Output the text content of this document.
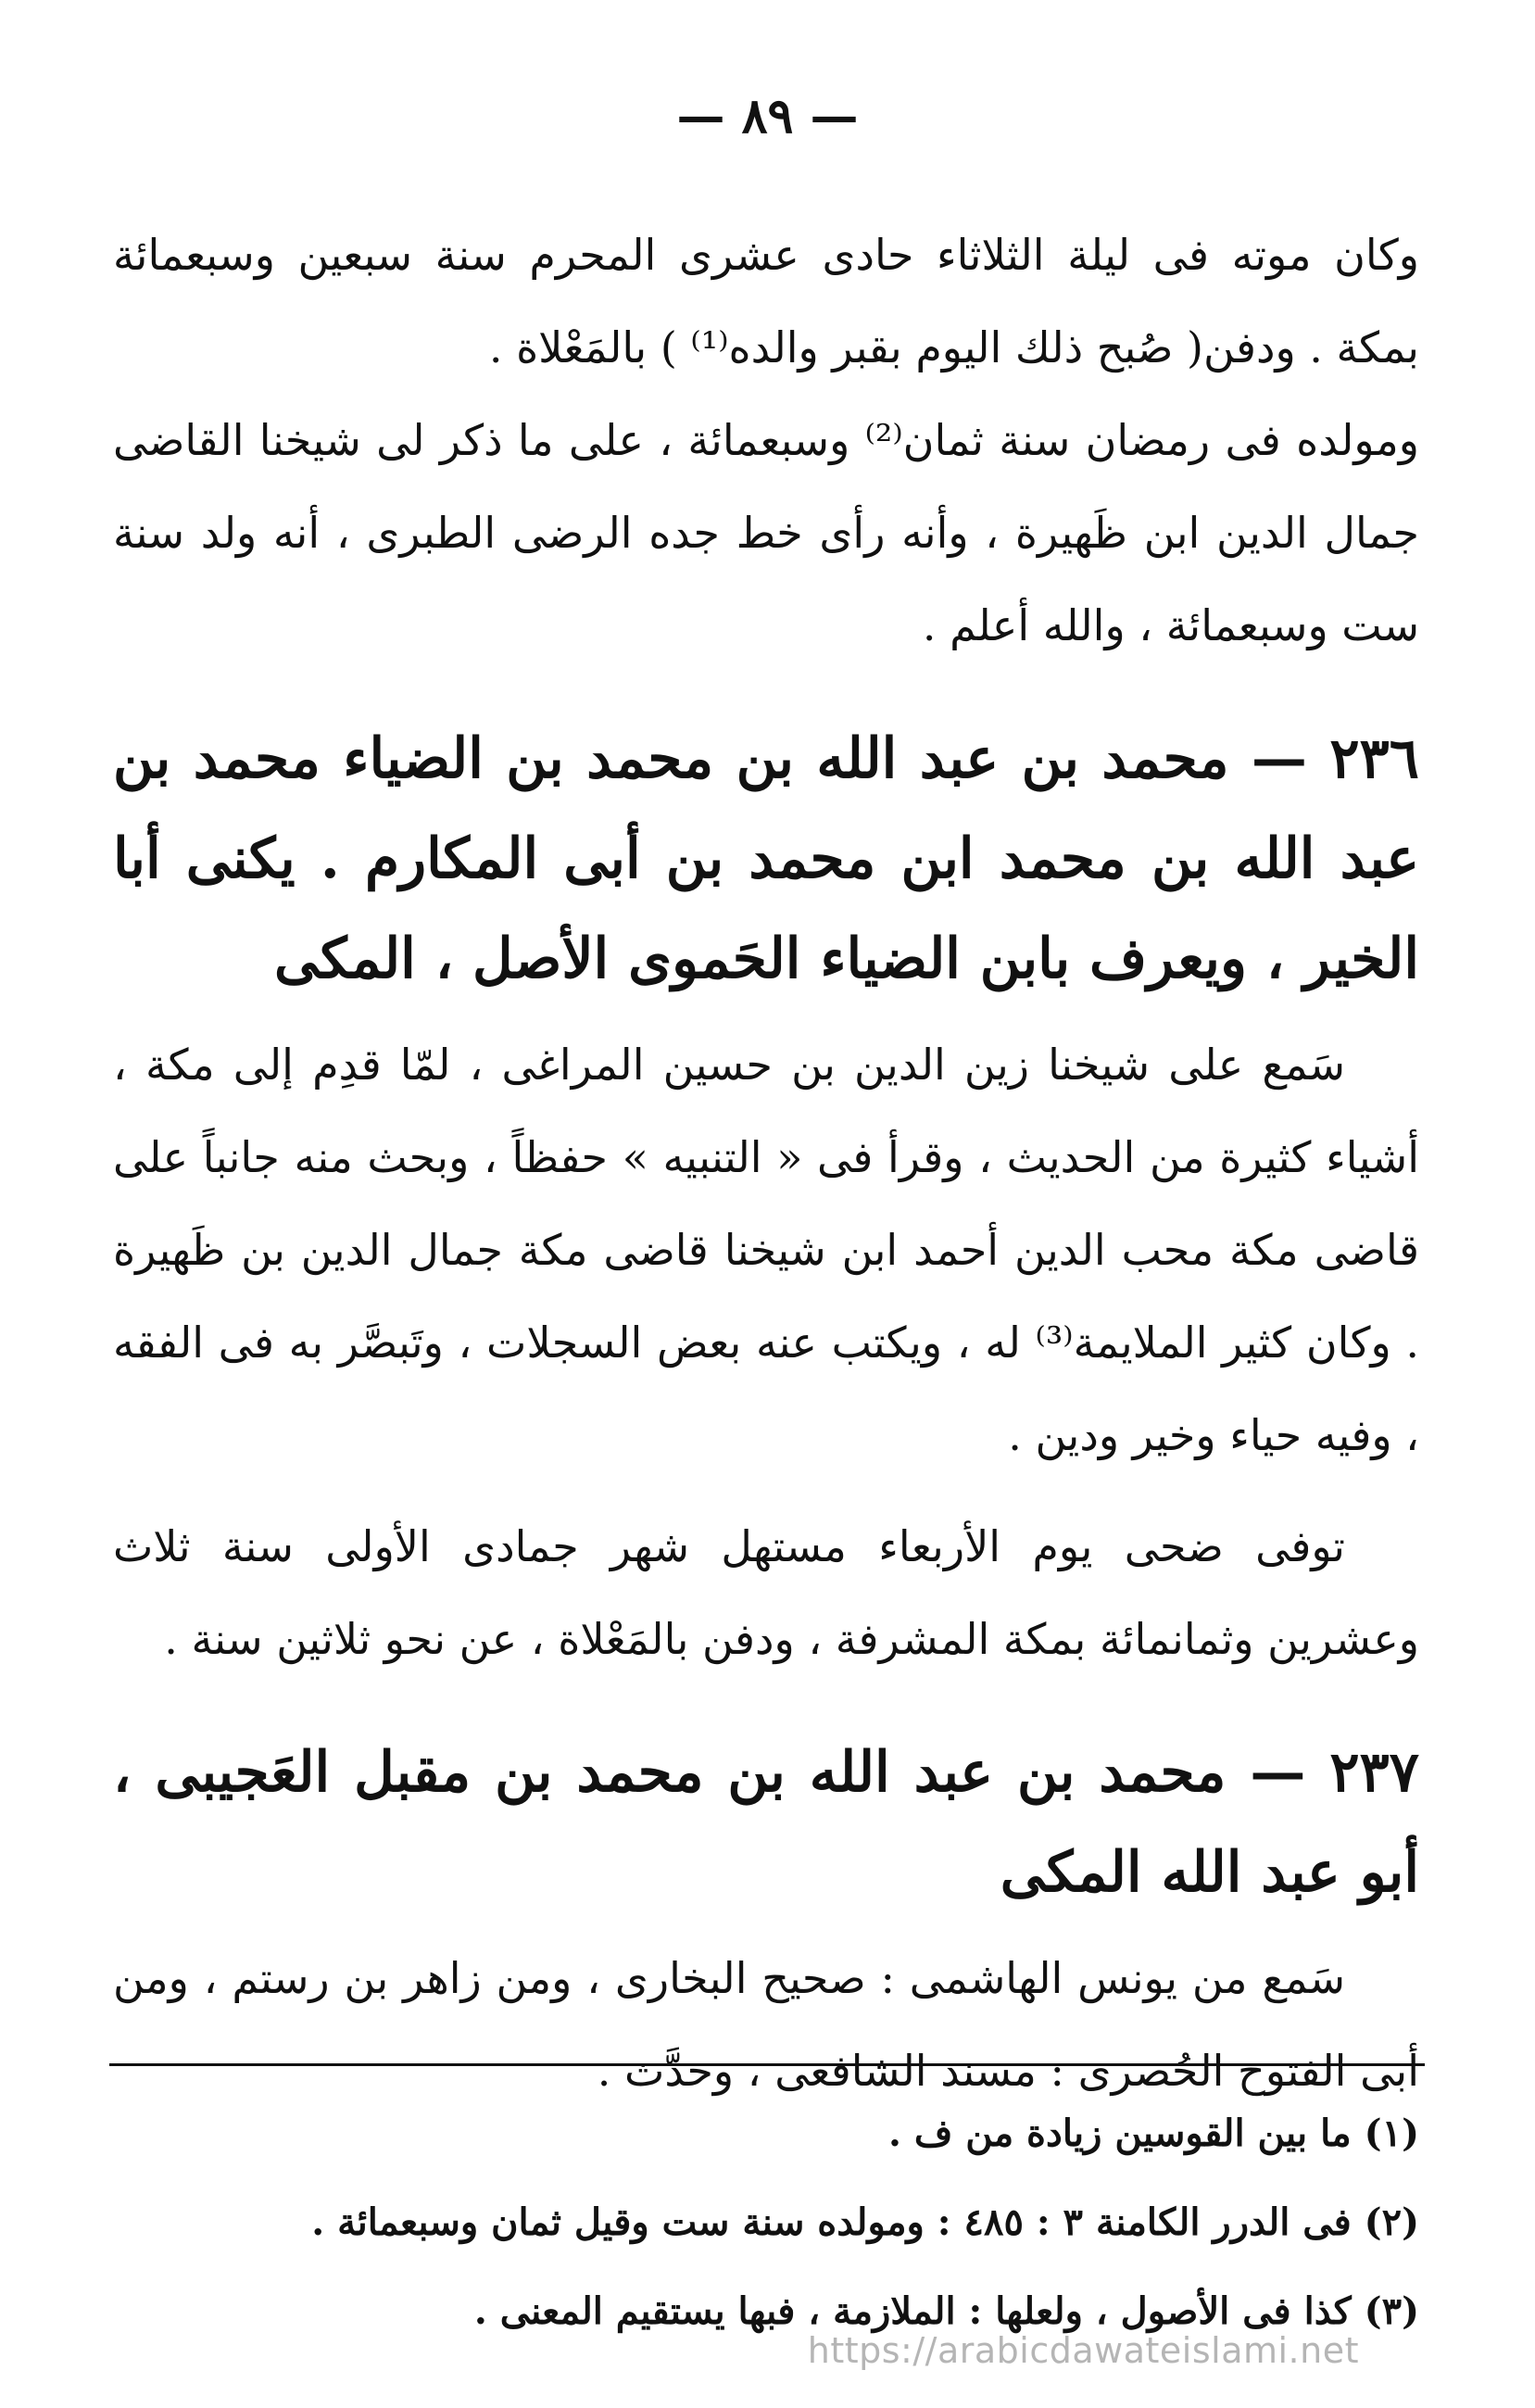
— ٨٩ —

وكان موته فى ليلة الثلاثاء حادى عشرى المحرم سنة سبعين وسبعمائة بمكة . ودفن( صُبح ذلك اليوم بقبر والده⁽¹⁾ ) بالمَعْلاة .

ومولده فى رمضان سنة ثمان⁽²⁾ وسبعمائة ، على ما ذكر لى شيخنا القاضى جمال الدين ابن ظَهيرة ، وأنه رأى خط جده الرضى الطبرى ، أنه ولد سنة ست وسبعمائة ، والله أعلم .

٢٣٦ — محمد بن عبد الله بن محمد بن الضياء محمد بن عبد الله بن محمد ابن محمد بن أبى المكارم . يكنى أبا الخير ، ويعرف بابن الضياء الحَموى الأصل ، المكى

سَمع على شيخنا زين الدين بن حسين المراغى ، لمّا قدِم إلى مكة ، أشياء كثيرة من الحديث ، وقرأ فى « التنبيه » حفظاً ، وبحث منه جانباً على قاضى مكة محب الدين أحمد ابن شيخنا قاضى مكة جمال الدين بن ظَهيرة . وكان كثير الملايمة⁽³⁾ له ، ويكتب عنه بعض السجلات ، وتَبصَّر به فى الفقه ، وفيه حياء وخير ودين .

توفى ضحى يوم الأربعاء مستهل شهر جمادى الأولى سنة ثلاث وعشرين وثمانمائة بمكة المشرفة ، ودفن بالمَعْلاة ، عن نحو ثلاثين سنة .

٢٣٧ — محمد بن عبد الله بن محمد بن مقبل العَجيبى ، أبو عبد الله المكى

سَمع من يونس الهاشمى : صحيح البخارى ، ومن زاهر بن رستم ، ومن أبى الفتوح الحُصرى : مسند الشافعى ، وحدَّث .

(١) ما بين القوسين زيادة من ف .

(٢) فى الدرر الكامنة ٣ : ٤٨٥ : ومولده سنة ست وقيل ثمان وسبعمائة .

(٣) كذا فى الأصول ، ولعلها : الملازمة ، فبها يستقيم المعنى .

https://arabicdawateislami.net
